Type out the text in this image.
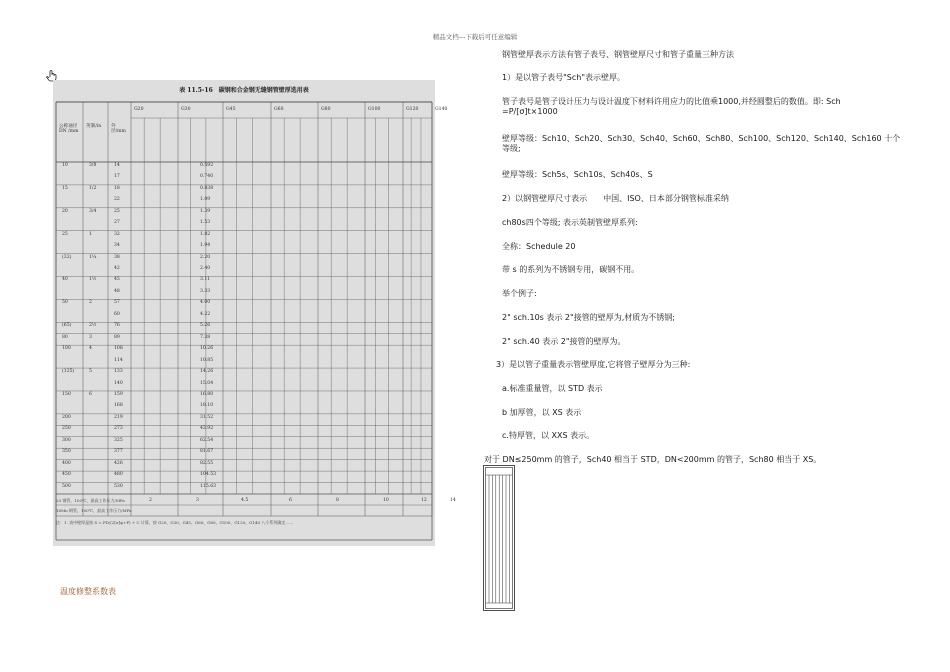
精品文档---下载后可任意编辑
表 11.5-16　碳钢和合金钢无缝钢管壁厚选用表
公称通径 DN /mm
英制/in	外径/mm
G20	G30	G45	G60	G80	G100	G120	G140
10	3/8	14	0.592
17	0.740
15	1/2	18	0.838
22	1.09
20	3/4	25	1.39
27	1.53
25	1	32	1.82
34	1.94
(32)	1¼	38	2.20
42	2.40
40	1½	45	3.11
48	3.33
50	2	57	4.00
60	4.22
(65)	2½	76	5.26
80	3	89	7.38
100	4	108	10.26
114	10.85
(125)	5	133	14.26
140	15.04
150	6	159	16.80
168	18.10
200	219	31.52
250	273	43.92
300	325	62.54
350	377	81.67
400	426	82.55
450	480	104.53
500	530	115.63
2	3	4.5	6	8	10	12	14
20 钢管，100℃，最高工作压力/MPa
16Mn 钢管，100℃，最高工作压力/MPa
注：1. 表中壁厚是按 S = PD/(2[σ]φ+P) + C 计算，按 G20、G30、G45、G60、G80、G100、G120、G140 八个系列确定……
温度修整系数表
钢管壁厚表示方法有管子表号、钢管壁厚尺寸和管子重量三种方法
1）是以管子表号"Sch"表示壁厚。
管子表号是管子设计压力与设计温度下材料许用应力的比值乘1000,并经圆整后的数值。即: Sch =P/[σ]t×1000
壁厚等级：Sch10、Sch20、Sch30、Sch40、Sch60、Sch80、Sch100、Sch120、Sch140、Sch160 十个等级;
壁厚等级：Sch5s、Sch10s、Sch40s、S
2）以钢管壁厚尺寸表示　　中国、ISO、日本部分钢管标准采纳
ch80s四个等级; 表示英制管壁厚系列:
全称：Schedule 20
带 s 的系列为不锈钢专用，碳钢不用。
举个例子:
2" sch.10s 表示 2"接管的壁厚为,材质为不锈钢;
2" sch.40 表示 2"接管的壁厚为。
3）是以管子重量表示管壁厚度,它将管子壁厚分为三种:
a.标准重量管，以 STD 表示
b 加厚管，以 XS 表示
c.特厚管，以 XXS 表示。
对于 DN≤250mm 的管子，Sch40 相当于 STD，DN<200mm 的管子，Sch80 相当于 XS。
